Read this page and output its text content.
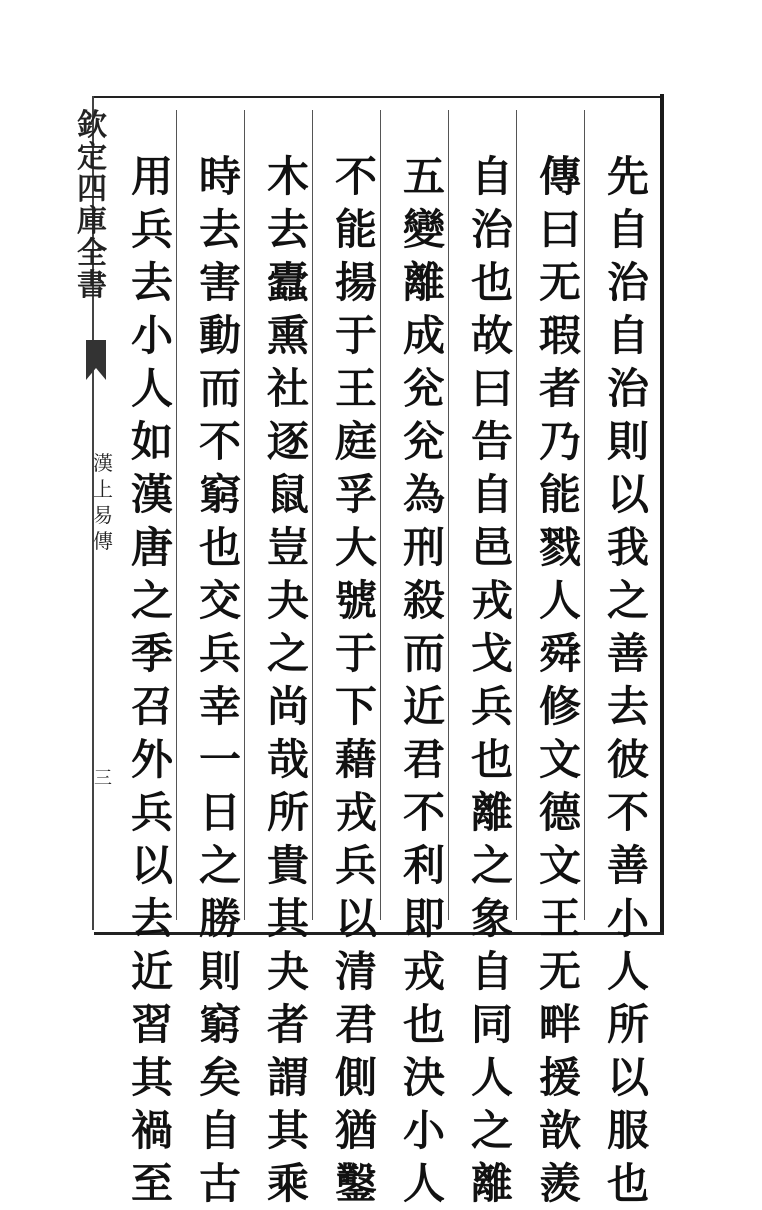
欽
定
四
庫
全
書
漢
上
易
傳
三
先
自
治
自
治
則
以
我
之
善
去
彼
不
善
小
人
所
以
服
也
傳
曰
无
瑕
者
乃
能
戮
人
舜
修
文
德
文
王
无
畔
援
歆
羨
自
治
也
故
曰
告
自
邑
戎
戈
兵
也
離
之
象
自
同
人
之
離
五
變
離
成
兊
兊
為
刑
殺
而
近
君
不
利
即
戎
也
決
小
人
不
能
揚
于
王
庭
孚
大
號
于
下
藉
戎
兵
以
清
君
側
猶
鑿
木
去
蠹
熏
社
逐
鼠
豈
夬
之
尚
哉
所
貴
其
夬
者
謂
其
乘
時
去
害
動
而
不
窮
也
交
兵
幸
一
日
之
勝
則
窮
矣
自
古
用
兵
去
小
人
如
漢
唐
之
季
召
外
兵
以
去
近
習
其
禍
至
